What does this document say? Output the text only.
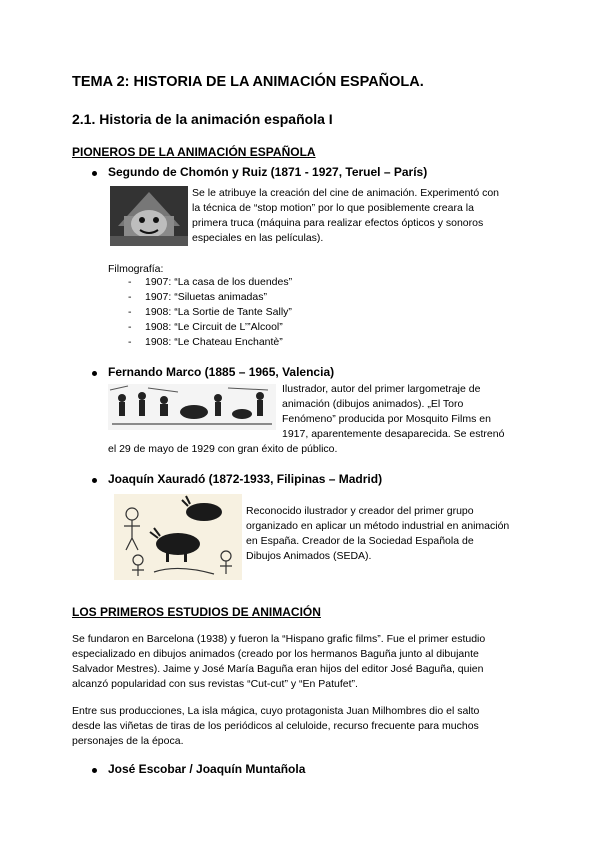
TEMA 2: HISTORIA DE LA ANIMACIÓN ESPAÑOLA.
2.1. Historia de la animación española I
PIONEROS DE LA ANIMACIÓN ESPAÑOLA
Segundo de Chomón y Ruiz (1871 - 1927, Teruel – París)
Se le atribuye la creación del cine de animación. Experimentó con
la técnica de “stop motion” por lo que posiblemente creara la
primera truca (máquina para realizar efectos ópticos y sonoros
especiales en las películas).
Filmografía:
- 1907: “La casa de los duendes”
- 1907: “Siluetas animadas”
- 1908: “La Sortie de Tante Sally”
- 1908: “Le Circuit de L’”Alcool”
- 1908: “Le Chateau Enchantè”
Fernando Marco (1885 – 1965, Valencia)
Ilustrador, autor del primer largometraje de
animación (dibujos animados). „El Toro
Fenómeno” producida por Mosquito Films en
1917, aparentemente desaparecida. Se estrenó
el 29 de mayo de 1929 con gran éxito de público.
Joaquín Xauradó (1872-1933, Filipinas – Madrid)
Reconocido ilustrador y creador del primer grupo
organizado en aplicar un método industrial en animación
en España. Creador de la Sociedad Española de
Dibujos Animados (SEDA).
LOS PRIMEROS ESTUDIOS DE ANIMACIÓN
Se fundaron en Barcelona (1938) y fueron la “Hispano grafic films”. Fue el primer estudio
especializado en dibujos animados (creado por los hermanos Baguña junto al dibujante
Salvador Mestres). Jaime y José María Baguña eran hijos del editor José Baguña, quien
alcanzó popularidad con sus revistas “Cut-cut” y “En Patufet”.
Entre sus producciones, La isla mágica, cuyo protagonista Juan Milhombres dio el salto
desde las viñetas de tiras de los periódicos al celuloide, recurso frecuente para muchos
personajes de la época.
José Escobar / Joaquín Muntañola
